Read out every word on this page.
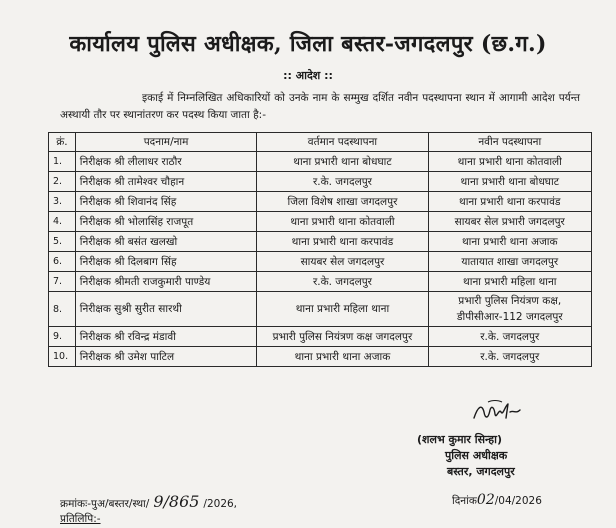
कार्यालय पुलिस अधीक्षक, जिला बस्तर-जगदलपुर (छ.ग.)
:: आदेश ::
इकाई में निम्नलिखित अधिकारियों को उनके नाम के सम्मुख दर्शित नवीन पदस्थापना स्थान में आगामी आदेश पर्यन्त अस्थायी तौर पर स्थानांतरण कर पदस्थ किया जाता है:-
क्रं.	पदनाम/नाम	वर्तमान पदस्थापना	नवीन पदस्थापना
1.	निरीक्षक श्री लीलाधर राठौर	थाना प्रभारी थाना बोधघाट	थाना प्रभारी थाना कोतवाली
2.	निरीक्षक श्री तामेश्वर चौहान	र.के. जगदलपुर	थाना प्रभारी थाना बोधघाट
3.	निरीक्षक श्री शिवानंद सिंह	जिला विशेष शाखा जगदलपुर	थाना प्रभारी थाना करपावंड
4.	निरीक्षक श्री भोलासिंह राजपूत	थाना प्रभारी थाना कोतवाली	सायबर सेल प्रभारी जगदलपुर
5.	निरीक्षक श्री बसंत खलखो	थाना प्रभारी थाना करपावंड	थाना प्रभारी थाना अजाक
6.	निरीक्षक श्री दिलबाग सिंह	सायबर सेल जगदलपुर	यातायात शाखा जगदलपुर
7.	निरीक्षक श्रीमती राजकुमारी पाण्डेय	र.के. जगदलपुर	थाना प्रभारी महिला थाना
8.	निरीक्षक सुश्री सुरीत सारथी	थाना प्रभारी महिला थाना	प्रभारी पुलिस नियंत्रण कक्ष,
डीपीसीआर-112 जगदलपुर

9.	निरीक्षक श्री रविन्द्र मंडावी	प्रभारी पुलिस नियंत्रण कक्ष जगदलपुर	र.के. जगदलपुर
10.	निरीक्षक श्री उमेश पाटिल	थाना प्रभारी थाना अजाक	र.के. जगदलपुर
(शलभ कुमार सिन्हा)
पुलिस अधीक्षक
बस्तर, जगदलपुर
क्रमांकः-पुअ/बस्तर/स्था/ 9/865 /2026,	दिनांक02/04/2026
प्रतिलिपि:-
